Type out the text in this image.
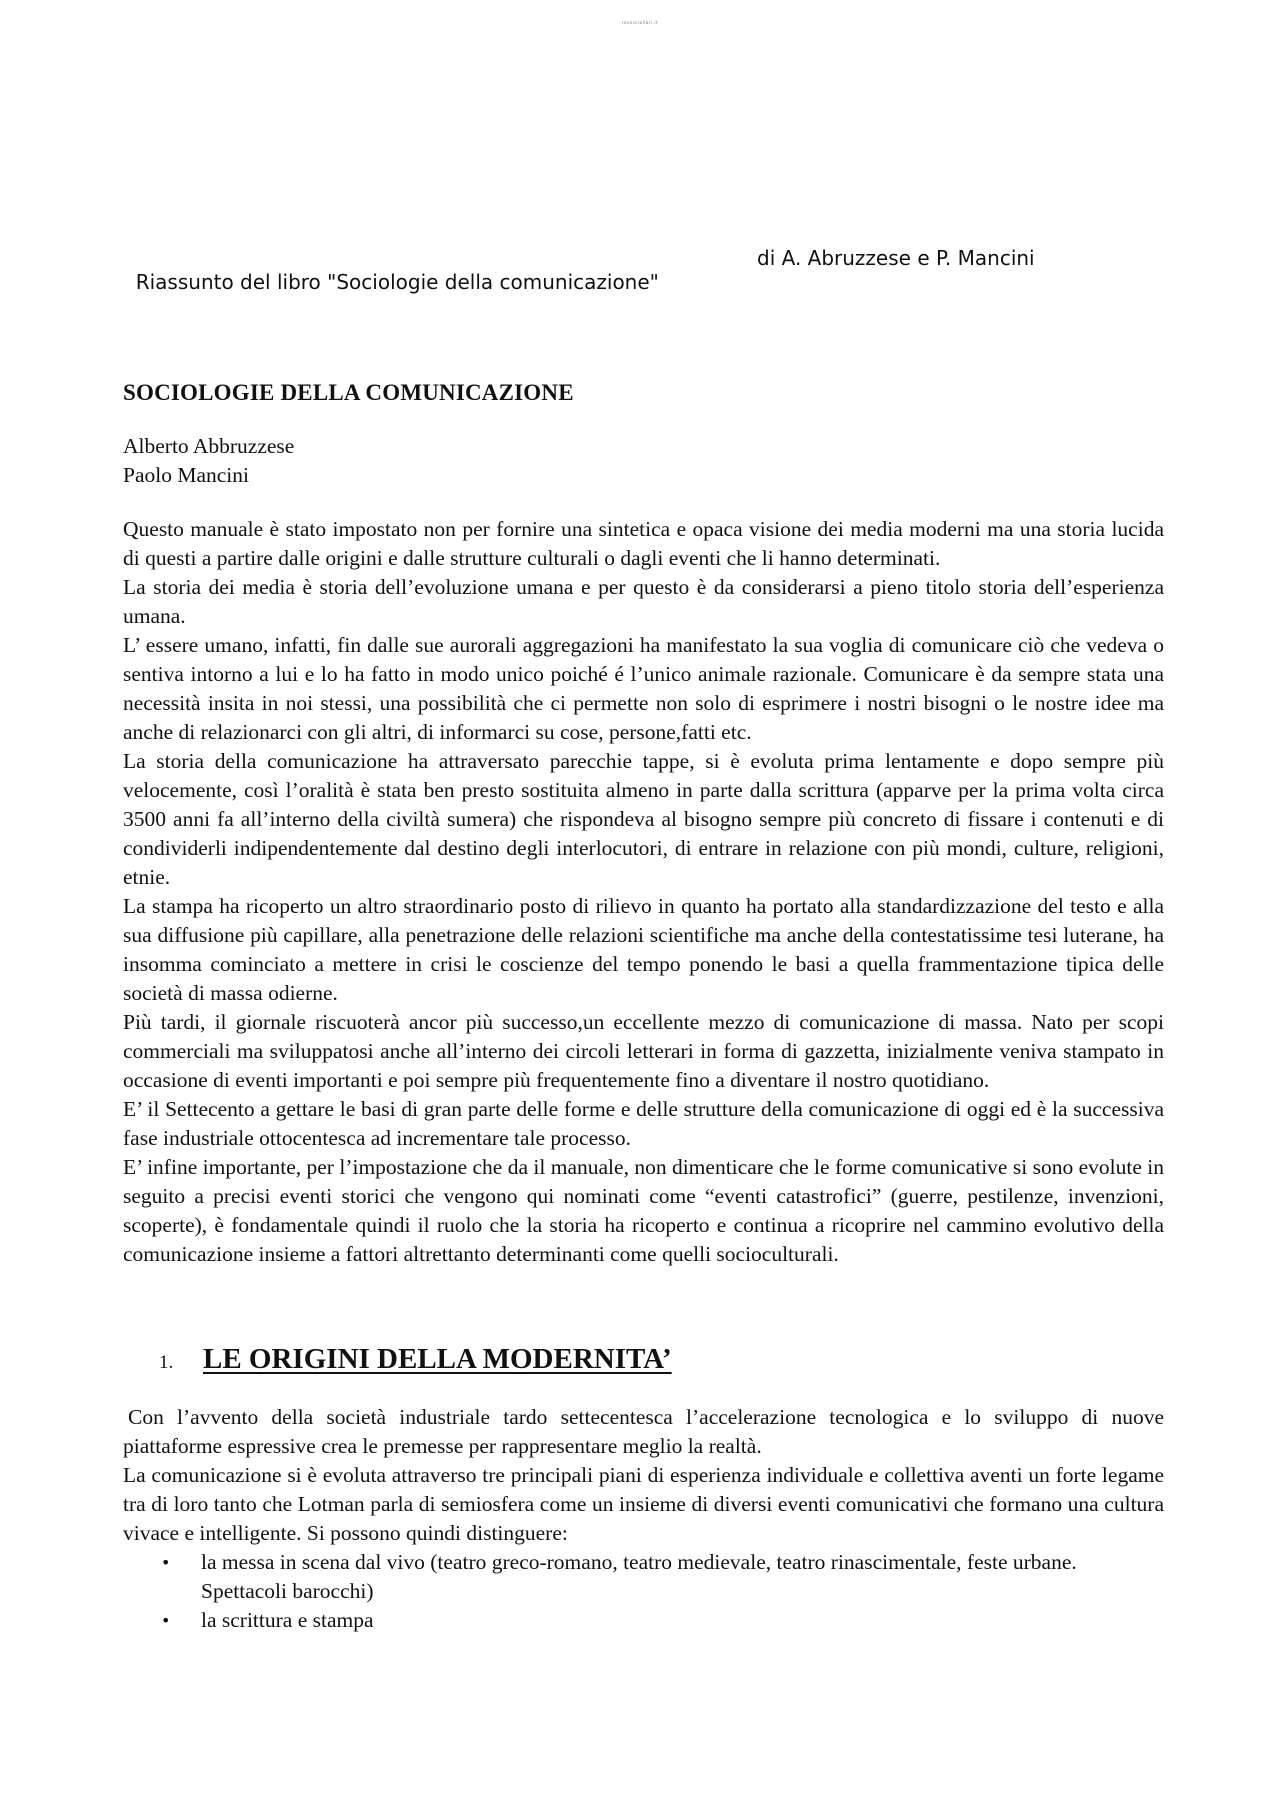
rovesciolibri.it

Riassunto del libro "Sociologie della comunicazione"

di A. Abruzzese e P. Mancini

SOCIOLOGIE DELLA COMUNICAZIONE

Alberto Abbruzzese

Paolo Mancini

Questo manuale è stato impostato non per fornire una sintetica e opaca visione dei media moderni ma una storia lucida di questi a partire dalle origini e dalle strutture culturali o dagli eventi che li hanno determinati.

La storia dei media è storia dell’evoluzione umana e per questo è da considerarsi a pieno titolo storia dell’esperienza umana.

L’ essere umano, infatti, fin dalle sue aurorali aggregazioni ha manifestato la sua voglia di comunicare ciò che vedeva o sentiva intorno a lui e lo ha fatto in modo unico poiché é l’unico animale razionale. Comunicare è da sempre stata una necessità insita in noi stessi, una possibilità che ci permette non solo di esprimere i nostri bisogni o le nostre idee ma anche di relazionarci con gli altri, di informarci su cose, persone,fatti etc.

La storia della comunicazione ha attraversato parecchie tappe, si è evoluta prima lentamente e dopo sempre più velocemente, così l’oralità è stata ben presto sostituita almeno in parte dalla scrittura (apparve per la prima volta circa 3500 anni fa all’interno della civiltà sumera) che rispondeva al bisogno sempre più concreto di fissare i contenuti e di condividerli indipendentemente dal destino degli interlocutori, di entrare in relazione con più mondi, culture, religioni, etnie.

La stampa ha ricoperto un altro straordinario posto di rilievo in quanto ha portato alla standardizzazione del testo e alla sua diffusione più capillare, alla penetrazione delle relazioni scientifiche ma anche della contestatissime tesi luterane, ha insomma cominciato a mettere in crisi le coscienze del tempo ponendo le basi a quella frammentazione tipica delle società di massa odierne.

Più tardi, il giornale riscuoterà ancor più successo,un eccellente mezzo di comunicazione di massa. Nato per scopi commerciali ma sviluppatosi anche all’interno dei circoli letterari in forma di gazzetta, inizialmente veniva stampato in occasione di eventi importanti e poi sempre più frequentemente fino a diventare il nostro quotidiano.

E’ il Settecento a gettare le basi di gran parte delle forme e delle strutture della comunicazione di oggi ed è la successiva fase industriale ottocentesca ad incrementare tale processo.

E’ infine importante, per l’impostazione che da il manuale, non dimenticare che le forme comunicative si sono evolute in seguito a precisi eventi storici che vengono qui nominati come “eventi catastrofici” (guerre, pestilenze, invenzioni, scoperte), è fondamentale quindi il ruolo che la storia ha ricoperto e continua a ricoprire nel cammino evolutivo della comunicazione insieme a fattori altrettanto determinanti come quelli socioculturali.

1.	LE ORIGINI DELLA MODERNITA’

Con l’avvento della società industriale tardo settecentesca l’accelerazione tecnologica e lo sviluppo di nuove piattaforme espressive crea le premesse per rappresentare meglio la realtà.

La comunicazione si è evoluta attraverso tre principali piani di esperienza individuale e collettiva aventi un forte legame tra di loro tanto che Lotman parla di semiosfera come un insieme di diversi eventi comunicativi che formano una cultura vivace e intelligente. Si possono quindi distinguere:

• la messa in scena dal vivo (teatro greco-romano, teatro medievale, teatro rinascimentale, feste urbane. Spettacoli barocchi)
• la scrittura e stampa
